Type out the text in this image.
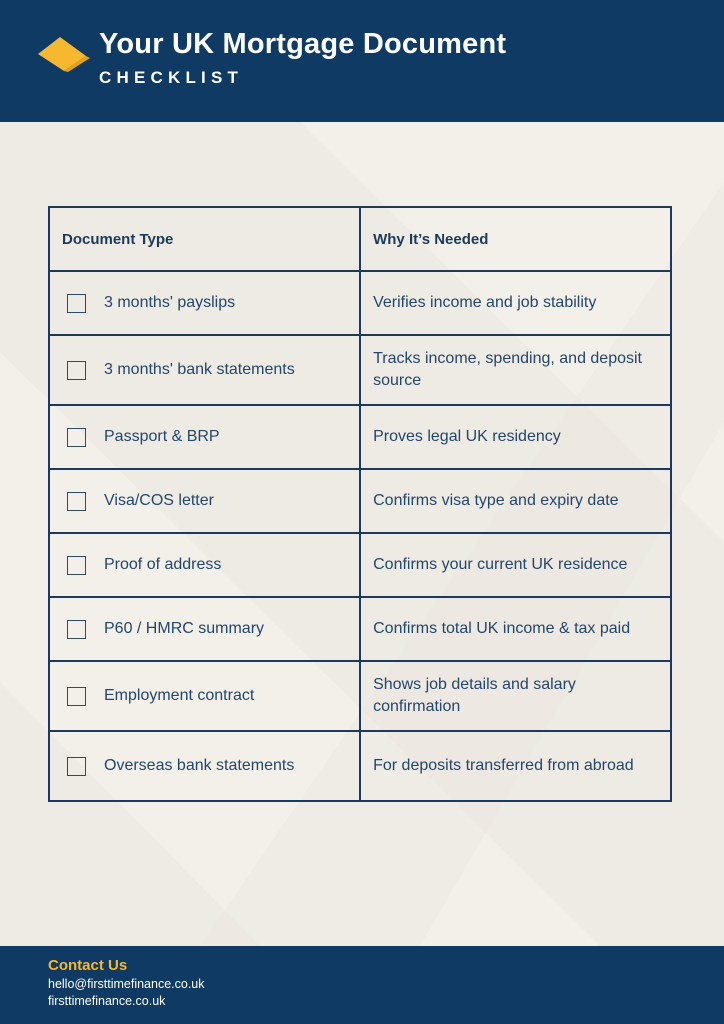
Your UK Mortgage Document
CHECKLIST
Document Type	Why It’s Needed

3 months' payslips	Verifies income and job stability

3 months' bank statements	Tracks income, spending, and deposit source

Passport & BRP	Proves legal UK residency

Visa/COS letter	Confirms visa type and expiry date

Proof of address	Confirms your current UK residence

P60 / HMRC summary	Confirms total UK income & tax paid

Employment contract	Shows job details and salary confirmation

Overseas bank statements	For deposits transferred from abroad
Contact Us
hello@firsttimefinance.co.uk
firsttimefinance.co.uk
